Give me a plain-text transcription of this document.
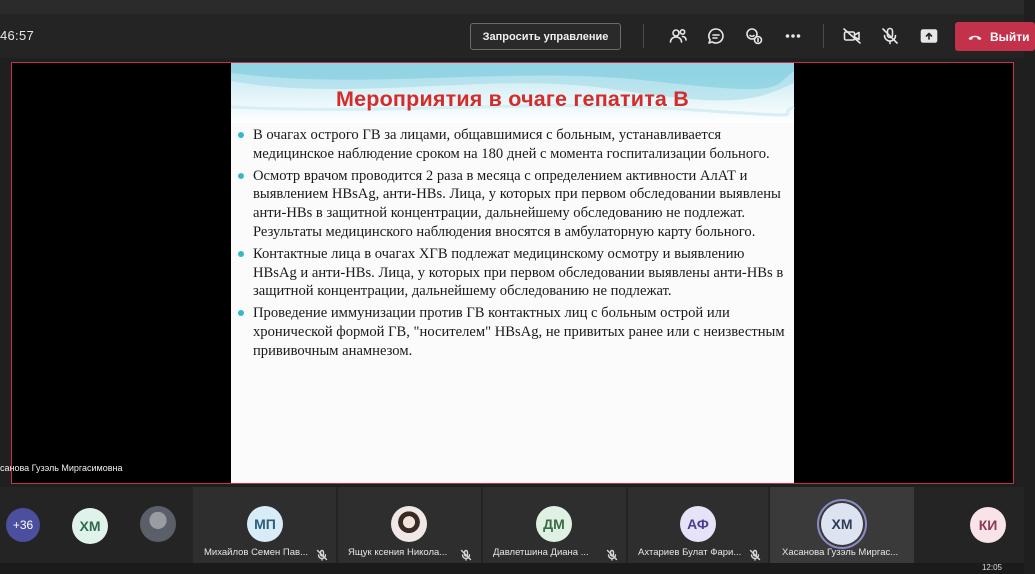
46:57	Запросить управление	Выйти
Мероприятия в очаге гепатита В
В очагах острого ГВ за лицами, общавшимися с больным, устанавливается медицинское наблюдение сроком на 180 дней с момента госпитализации больного.
Осмотр врачом проводится 2 раза в месяца с определением активности АлАТ и выявлением HBsAg, анти-HBs. Лица, у которых при первом обследовании выявлены анти-HBs в защитной концентрации, дальнейшему обследованию не подлежат. Результаты медицинского наблюдения вносятся в амбулаторную карту больного.
Контактные лица в очагах ХГВ подлежат медицинскому осмотру и выявлению HBsAg и анти-HBs. Лица, у которых при первом обследовании выявлены анти-HBs в защитной концентрации, дальнейшему обследованию не подлежат.
Проведение иммунизации против ГВ контактных лиц с больным острой или хронической формой ГВ, "носителем" HBsAg, не привитых ранее или с неизвестным прививочным анамнезом.
санова Гузэль Миргасимовна
+36	ХМ	МП
Михайлов Семен Пав...	Ящук ксения Никола...
ДМ
Давлетшина Диана ...
АФ
Ахтариев Булат Фари...
ХМ
Хасанова Гузэль Миргас...
КИ
12:05
